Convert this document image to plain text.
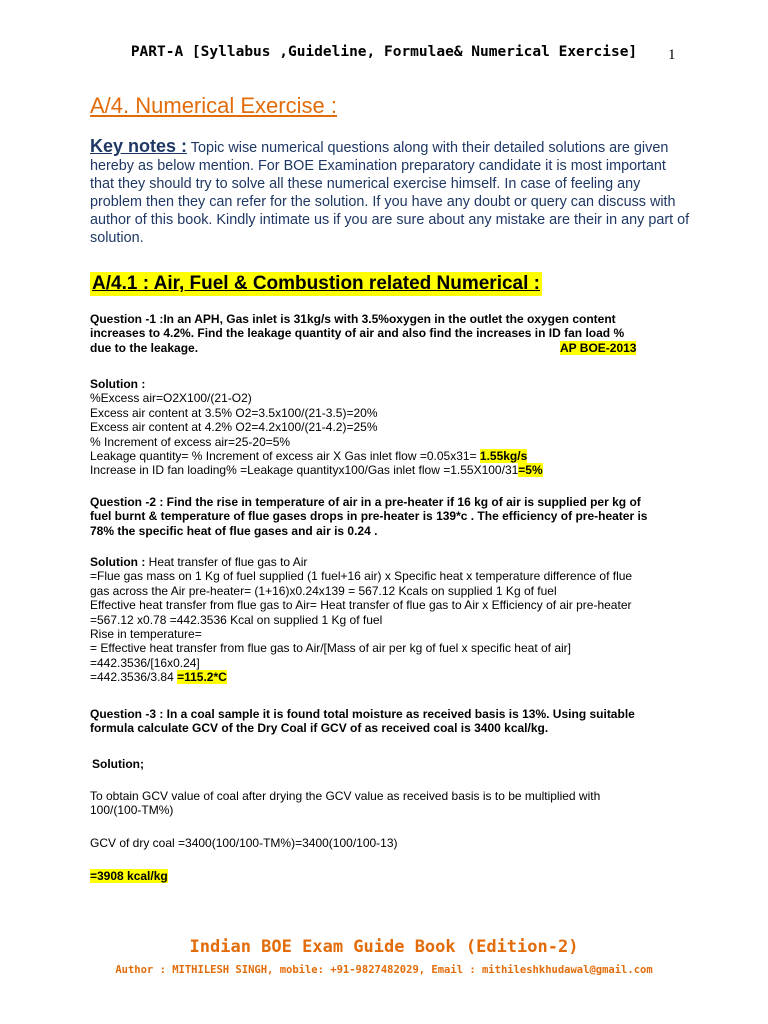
PART-A [Syllabus ,Guideline, Formulae& Numerical Exercise]	1
A/4. Numerical Exercise :
Key notes : Topic wise numerical questions along with their detailed solutions are given hereby as below mention. For BOE Examination preparatory candidate it is most important that they should try to solve all these numerical exercise himself. In case of feeling any problem then they can refer for the solution. If you have any doubt or query can discuss with author of this book. Kindly intimate us if you are sure about any mistake are their in any part of solution.
A/4.1 : Air, Fuel & Combustion related Numerical :
Question -1 :In an APH, Gas inlet is 31kg/s with 3.5%oxygen in the outlet the oxygen content
increases to 4.2%. Find the leakage quantity of air and also find the increases in ID fan load %
due to the leakage.	AP BOE-2013
Solution :
%Excess air=O2X100/(21-O2)
Excess air content at 3.5% O2=3.5x100/(21-3.5)=20%
Excess air content at 4.2% O2=4.2x100/(21-4.2)=25%
% Increment of excess air=25-20=5%
Leakage quantity= % Increment of excess air X Gas inlet flow =0.05x31= 1.55kg/s
Increase in ID fan loading% =Leakage quantityx100/Gas inlet flow =1.55X100/31=5%
Question -2 : Find the rise in temperature of air in a pre-heater if 16 kg of air is supplied per kg of
fuel burnt & temperature of flue gases drops in pre-heater is 139*c . The efficiency of pre-heater is
78% the specific heat of flue gases and air is 0.24 .
Solution : Heat transfer of flue gas to Air
=Flue gas mass on 1 Kg of fuel supplied (1 fuel+16 air) x Specific heat x temperature difference of flue
gas across the Air pre-heater= (1+16)x0.24x139 = 567.12 Kcals on supplied 1 Kg of fuel
Effective heat transfer from flue gas to Air= Heat transfer of flue gas to Air x Efficiency of air pre-heater
=567.12 x0.78 =442.3536 Kcal on supplied 1 Kg of fuel
Rise in temperature=
= Effective heat transfer from flue gas to Air/[Mass of air per kg of fuel x specific heat of air]
=442.3536/[16x0.24]
=442.3536/3.84 =115.2*C
Question -3 : In a coal sample it is found total moisture as received basis is 13%. Using suitable
formula calculate GCV of the Dry Coal if GCV of as received coal is 3400 kcal/kg.
Solution;
To obtain GCV value of coal after drying the GCV value as received basis is to be multiplied with
100/(100-TM%)
GCV of dry coal =3400(100/100-TM%)=3400(100/100-13)
=3908 kcal/kg
Indian BOE Exam Guide Book (Edition-2)
Author : MITHILESH SINGH, mobile: +91-9827482029, Email : mithileshkhudawal@gmail.com
